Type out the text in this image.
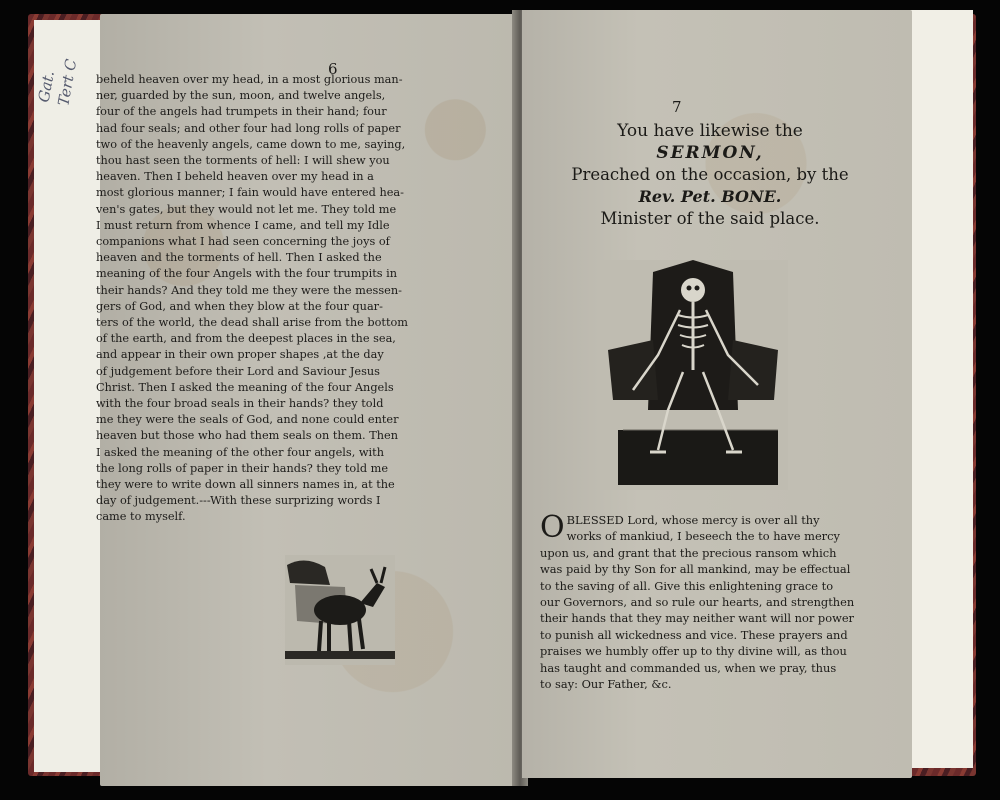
Gat. Tert C	6
7
beheld heaven over my head, in a most glorious man-
ner, guarded by the sun, moon, and twelve angels,
four of the angels had trumpets in their hand; four
had four seals; and other four had long rolls of paper
two of the heavenly angels, came down to me, saying,
thou hast seen the torments of hell: I will shew you
heaven. Then I beheld heaven over my head in a
most glorious manner; I fain would have entered hea-
ven's gates, but they would not let me. They told me
I must return from whence I came, and tell my Idle
companions what I had seen concerning the joys of
heaven and the torments of hell. Then I asked the
meaning of the four Angels with the four trumpits in
their hands? And they told me they were the messen-
gers of God, and when they blow at the four quar-
ters of the world, the dead shall arise from the bottom
of the earth, and from the deepest places in the sea,
and appear in their own proper shapes ,at the day
of judgement before their Lord and Saviour Jesus
Christ. Then I asked the meaning of the four Angels
with the four broad seals in their hands? they told
me they were the seals of God, and none could enter
heaven but those who had them seals on them. Then
I asked the meaning of the other four angels, with
the long rolls of paper in their hands? they told me
they were to write down all sinners names in, at the
day of judgement.---With these surprizing words I
came to myself.
You have likewise the
SERMON,
Preached on the occasion, by the
Rev. Pet. BONE.
Minister of the said place.
O BLESSED Lord, whose mercy is over all thy
works of mankiud, I beseech the to have mercy
upon us, and grant that the precious ransom which
was paid by thy Son for all mankind, may be effectual
to the saving of all. Give this enlightening grace to
our Governors, and so rule our hearts, and strengthen
their hands that they may neither want will nor power
to punish all wickedness and vice. These prayers and
praises we humbly offer up to thy divine will, as thou
has taught and commanded us, when we pray, thus
to say: Our Father, &c.
